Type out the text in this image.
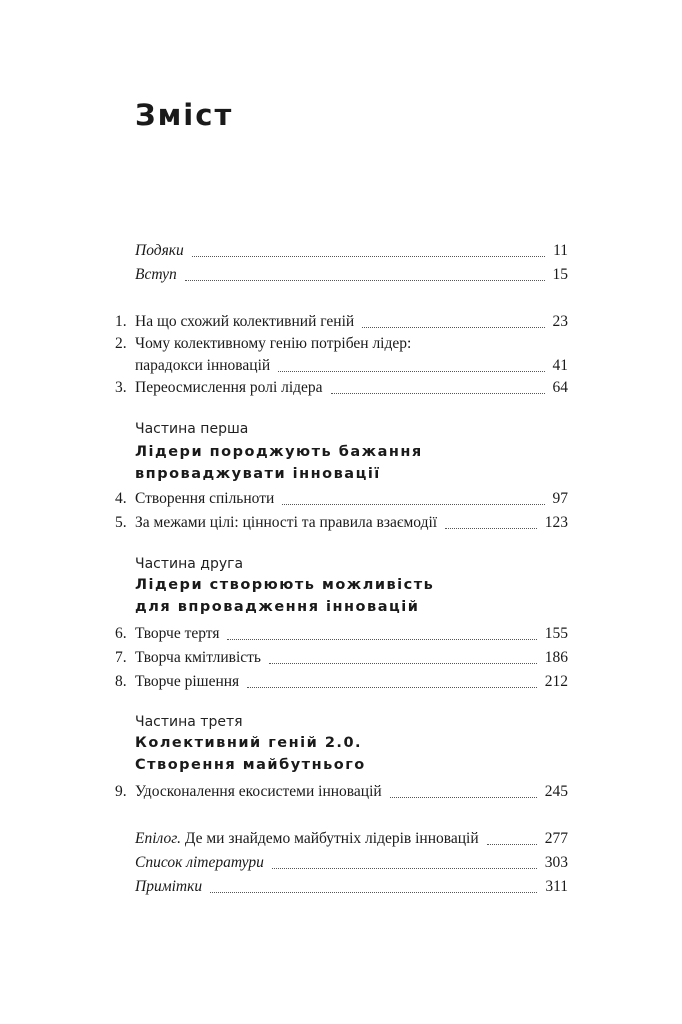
Зміст
Подяки	11
Вступ	15
1. На що схожий колективний геній	23
2. Чому колективному генію потрібен лідер:
парадокси інновацій	41
3. Переосмислення ролі лідера	64
Частина перша
Лідери породжують бажання
впроваджувати інновації
4. Створення спільноти	97
5. За межами цілі: цінності та правила взаємодії	123
Частина друга
Лідери створюють можливість
для впровадження інновацій
6. Творче тертя	155
7. Творча кмітливість	186
8. Творче рішення	212
Частина третя
Колективний геній 2.0.
Створення майбутнього
9. Удосконалення екосистеми інновацій	245
Епілог. Де ми знайдемо майбутніх лідерів інновацій	277
Список літератури	303
Примітки	311
